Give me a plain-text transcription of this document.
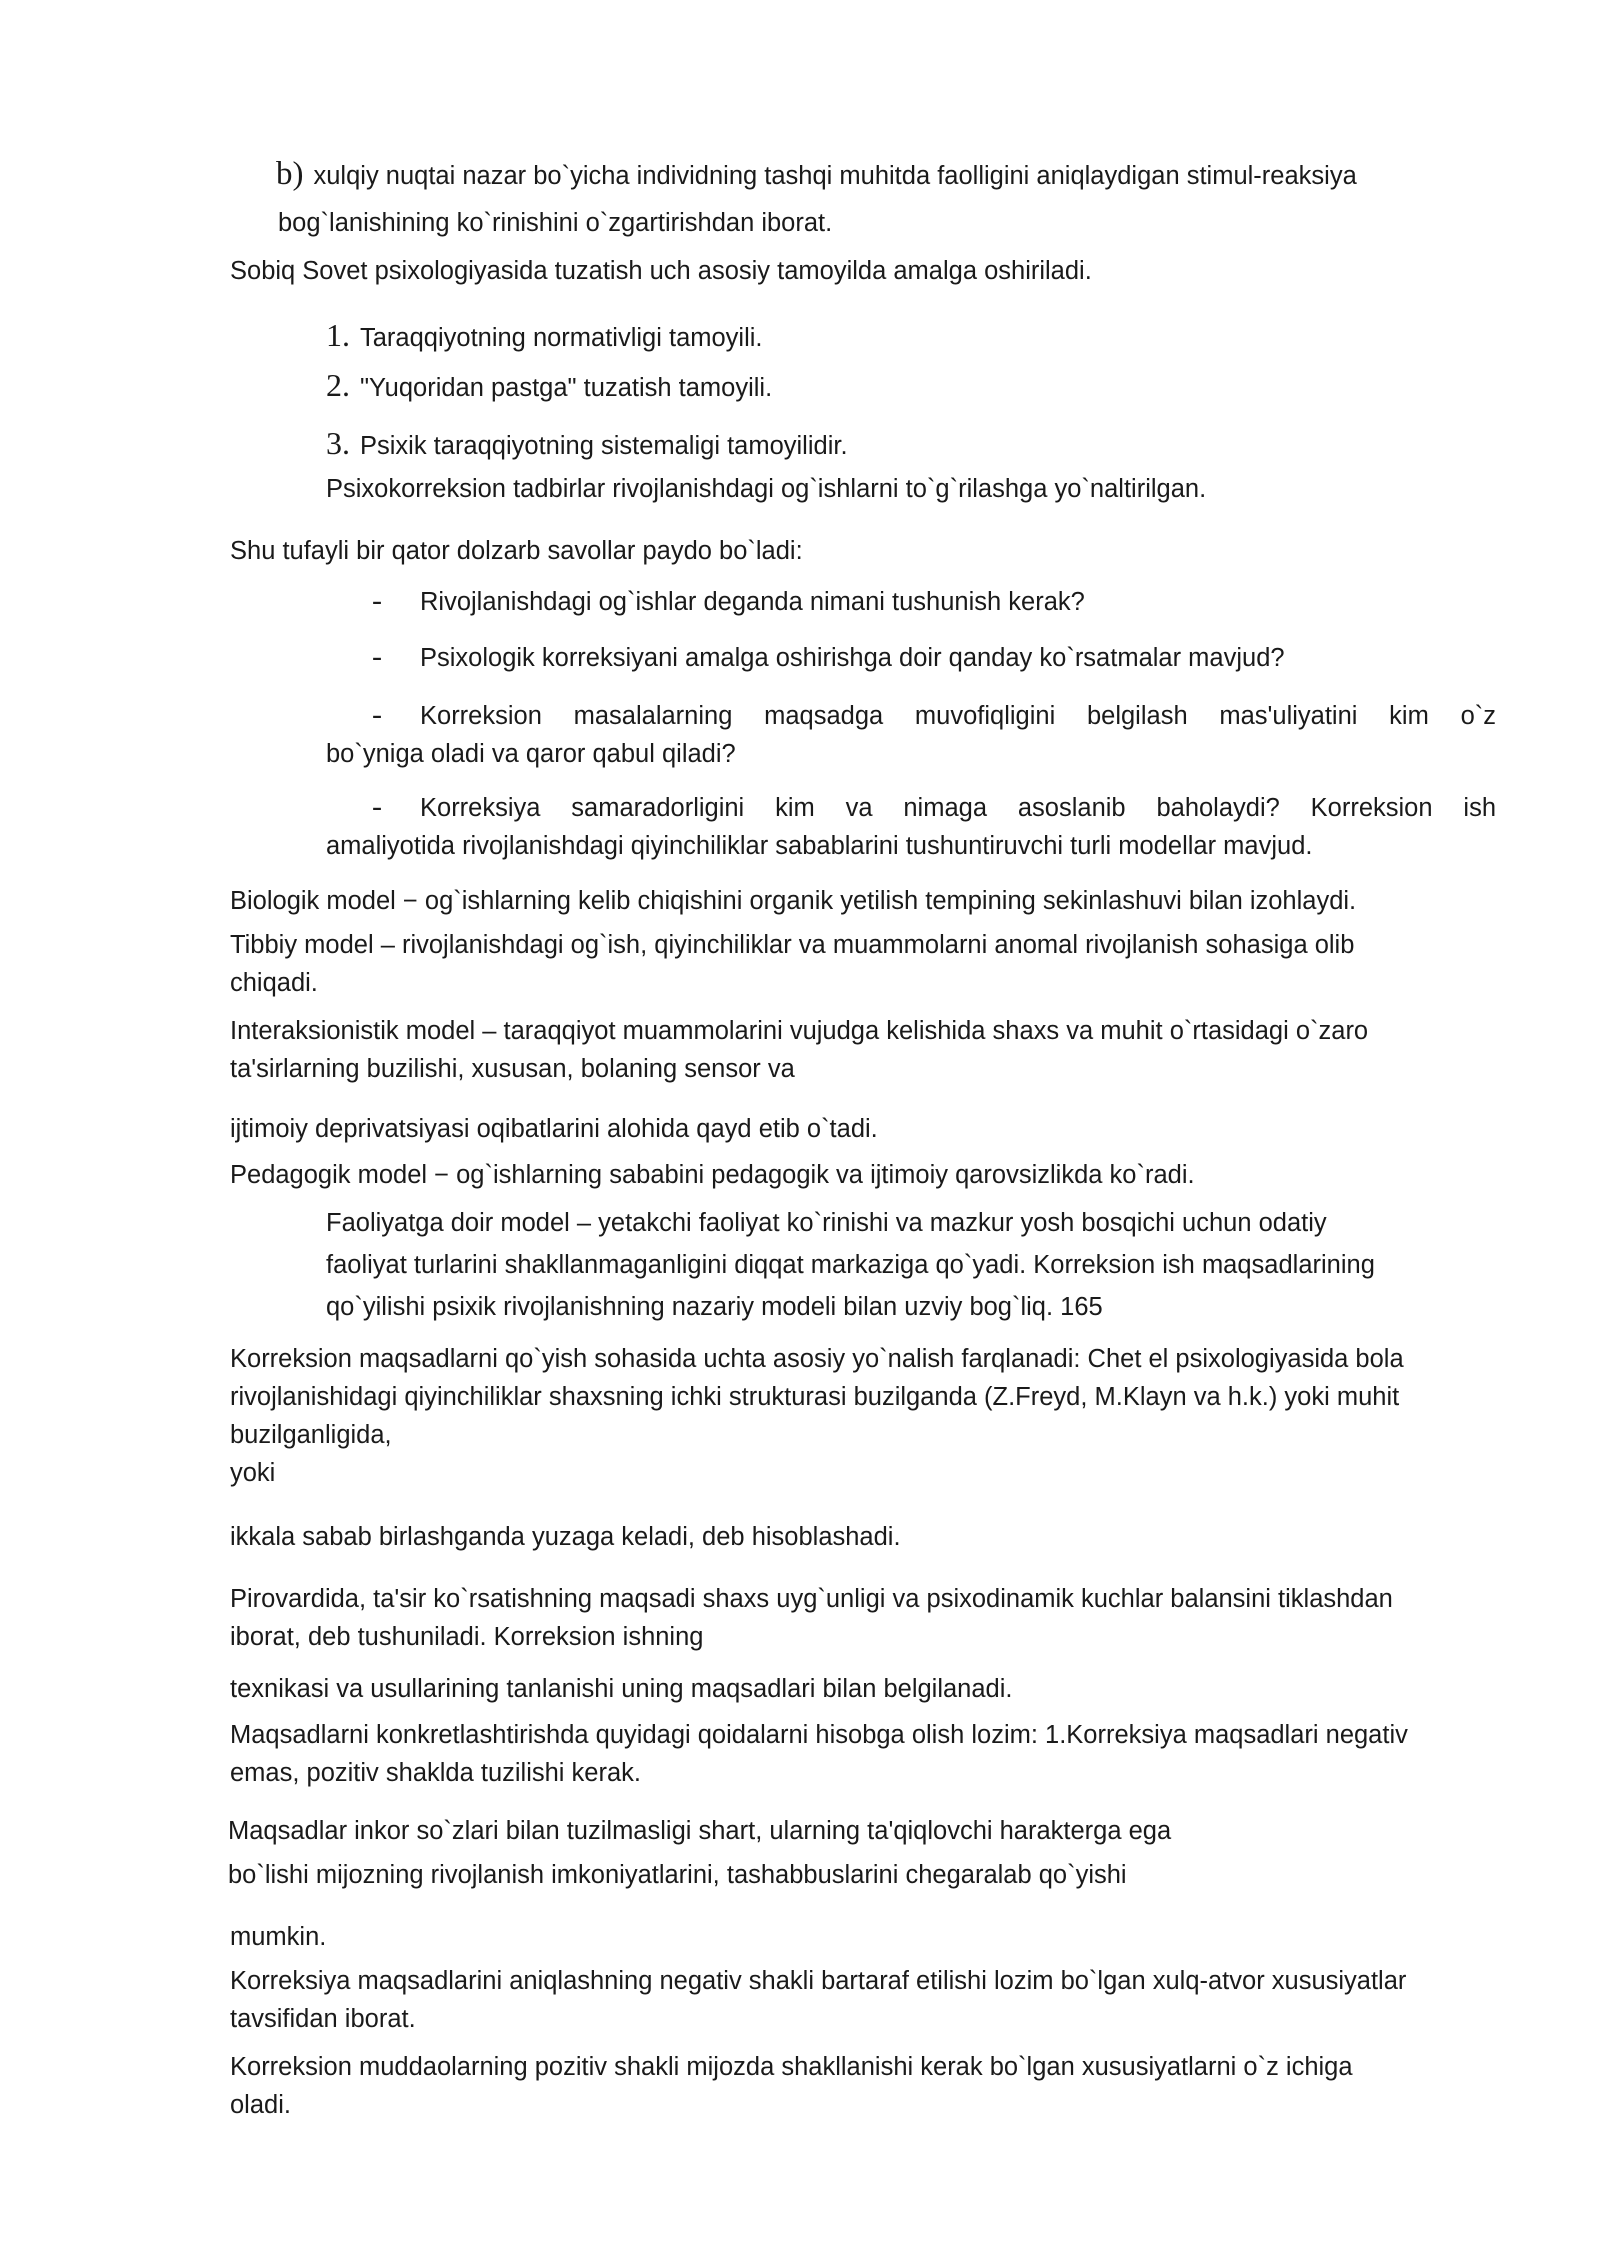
b) xulqiy nuqtai nazar bo`yicha individning tashqi muhitda faolligini aniqlaydigan stimul-reaksiya

bog`lanishining ko`rinishini o`zgartirishdan iborat.

Sobiq Sovet psixologiyasida tuzatish uch asosiy tamoyilda amalga oshiriladi.

1. Taraqqiyotning normativligi tamoyili.

2. "Yuqoridan pastga" tuzatish tamoyili.

3. Psixik taraqqiyotning sistemaligi tamoyilidir.

Psixokorreksion tadbirlar rivojlanishdagi og`ishlarni to`g`rilashga yo`naltirilgan.

Shu tufayli bir qator dolzarb savollar paydo bo`ladi:

- Rivojlanishdagi og`ishlar deganda nimani tushunish kerak?

- Psixologik korreksiyani amalga oshirishga doir qanday ko`rsatmalar mavjud?

- Korreksion masalalarning maqsadga muvofiqligini belgilash mas'uliyatini kim o`z
bo`yniga oladi va qaror qabul qiladi?

- Korreksiya samaradorligini kim va nimaga asoslanib baholaydi? Korreksion ish
amaliyotida rivojlanishdagi qiyinchiliklar sabablarini tushuntiruvchi turli modellar mavjud.

Biologik model − og`ishlarning kelib chiqishini organik yetilish tempining sekinlashuvi bilan izohlaydi.

Tibbiy model – rivojlanishdagi og`ish, qiyinchiliklar va muammolarni anomal rivojlanish sohasiga olib
chiqadi.

Interaksionistik model – taraqqiyot muammolarini vujudga kelishida shaxs va muhit o`rtasidagi o`zaro
ta'sirlarning buzilishi, xususan, bolaning sensor va

ijtimoiy deprivatsiyasi oqibatlarini alohida qayd etib o`tadi.

Pedagogik model − og`ishlarning sababini pedagogik va ijtimoiy qarovsizlikda ko`radi.

Faoliyatga doir model – yetakchi faoliyat ko`rinishi va mazkur yosh bosqichi uchun odatiy
faoliyat turlarini shakllanmaganligini diqqat markaziga qo`yadi. Korreksion ish maqsadlarining
qo`yilishi psixik rivojlanishning nazariy modeli bilan uzviy bog`liq. 165

Korreksion maqsadlarni qo`yish sohasida uchta asosiy yo`nalish farqlanadi: Chet el psixologiyasida bola
rivojlanishidagi qiyinchiliklar shaxsning ichki strukturasi buzilganda (Z.Freyd, M.Klayn va h.k.) yoki muhit
buzilganligida,
yoki

ikkala sabab birlashganda yuzaga keladi, deb hisoblashadi.

Pirovardida, ta'sir ko`rsatishning maqsadi shaxs uyg`unligi va psixodinamik kuchlar balansini tiklashdan
iborat, deb tushuniladi. Korreksion ishning

texnikasi va usullarining tanlanishi uning maqsadlari bilan belgilanadi.

Maqsadlarni konkretlashtirishda quyidagi qoidalarni hisobga olish lozim: 1.Korreksiya maqsadlari negativ
emas, pozitiv shaklda tuzilishi kerak.

Maqsadlar inkor so`zlari bilan tuzilmasligi shart, ularning ta'qiqlovchi harakterga ega

bo`lishi mijozning rivojlanish imkoniyatlarini, tashabbuslarini chegaralab qo`yishi

mumkin.

Korreksiya maqsadlarini aniqlashning negativ shakli bartaraf etilishi lozim bo`lgan xulq-atvor xususiyatlar
tavsifidan iborat.

Korreksion muddaolarning pozitiv shakli mijozda shakllanishi kerak bo`lgan xususiyatlarni o`z ichiga
oladi.
